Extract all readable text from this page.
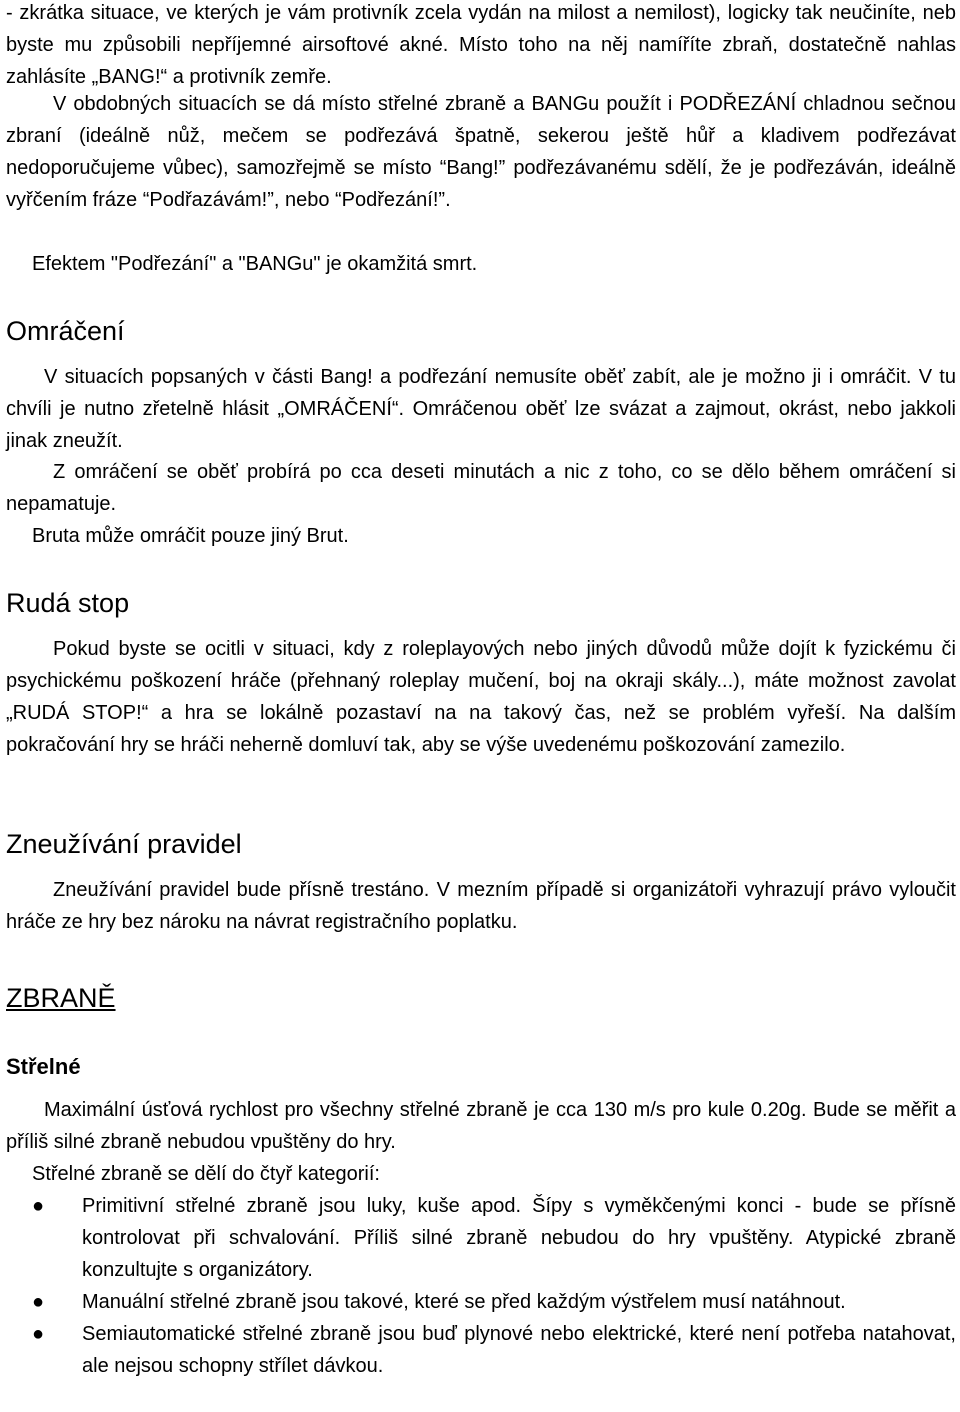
- zkrátka situace, ve kterých je vám protivník zcela vydán na milost a nemilost), logicky tak neučiníte, neb byste mu způsobili nepříjemné airsoftové akné. Místo toho na něj namíříte zbraň, dostatečně nahlas zahlásíte „BANG!“ a protivník zemře.

V obdobných situacích se dá místo střelné zbraně a BANGu použít i PODŘEZÁNÍ chladnou sečnou zbraní (ideálně nůž, mečem se podřezává špatně, sekerou ještě hůř a kladivem podřezávat nedoporučujeme vůbec), samozřejmě se místo “Bang!” podřezávanému sdělí, že je podřezáván, ideálně vyřčením fráze “Podřazávám!”, nebo “Podřezání!”.

Efektem "Podřezání" a "BANGu" je okamžitá smrt.

Omráčení

V situacích popsaných v části Bang! a podřezání nemusíte oběť zabít, ale je možno ji i omráčit. V tu chvíli je nutno zřetelně hlásit „OMRÁČENÍ“. Omráčenou oběť lze svázat a zajmout, okrást, nebo jakkoli jinak zneužít.

Z omráčení se oběť probírá po cca deseti minutách a nic z toho, co se dělo během omráčení si nepamatuje.

Bruta může omráčit pouze jiný Brut.

Rudá stop

Pokud byste se ocitli v situaci, kdy z roleplayových nebo jiných důvodů může dojít k fyzickému či psychickému poškození hráče (přehnaný roleplay mučení, boj na okraji skály...), máte možnost zavolat „RUDÁ STOP!“ a hra se lokálně pozastaví na na takový čas, než se problém vyřeší. Na dalším pokračování hry se hráči neherně domluví tak, aby se výše uvedenému poškozování zamezilo.

Zneužívání pravidel

Zneužívání pravidel bude přísně trestáno. V mezním případě si organizátoři vyhrazují právo vyloučit hráče ze hry bez nároku na návrat registračního poplatku.

ZBRANĚ
Střelné

Maximální úsťová rychlost pro všechny střelné zbraně je cca 130 m/s pro kule 0.20g. Bude se měřit a příliš silné zbraně nebudou vpuštěny do hry.

Střelné zbraně se dělí do čtyř kategorií:

● Primitivní střelné zbraně jsou luky, kuše apod. Šípy s vyměkčenými konci - bude se přísně kontrolovat při schvalování. Příliš silné zbraně nebudou do hry vpuštěny. Atypické zbraně konzultujte s organizátory.
● Manuální střelné zbraně jsou takové, které se před každým výstřelem musí natáhnout.
● Semiautomatické střelné zbraně jsou buď plynové nebo elektrické, které není potřeba natahovat, ale nejsou schopny střílet dávkou.
